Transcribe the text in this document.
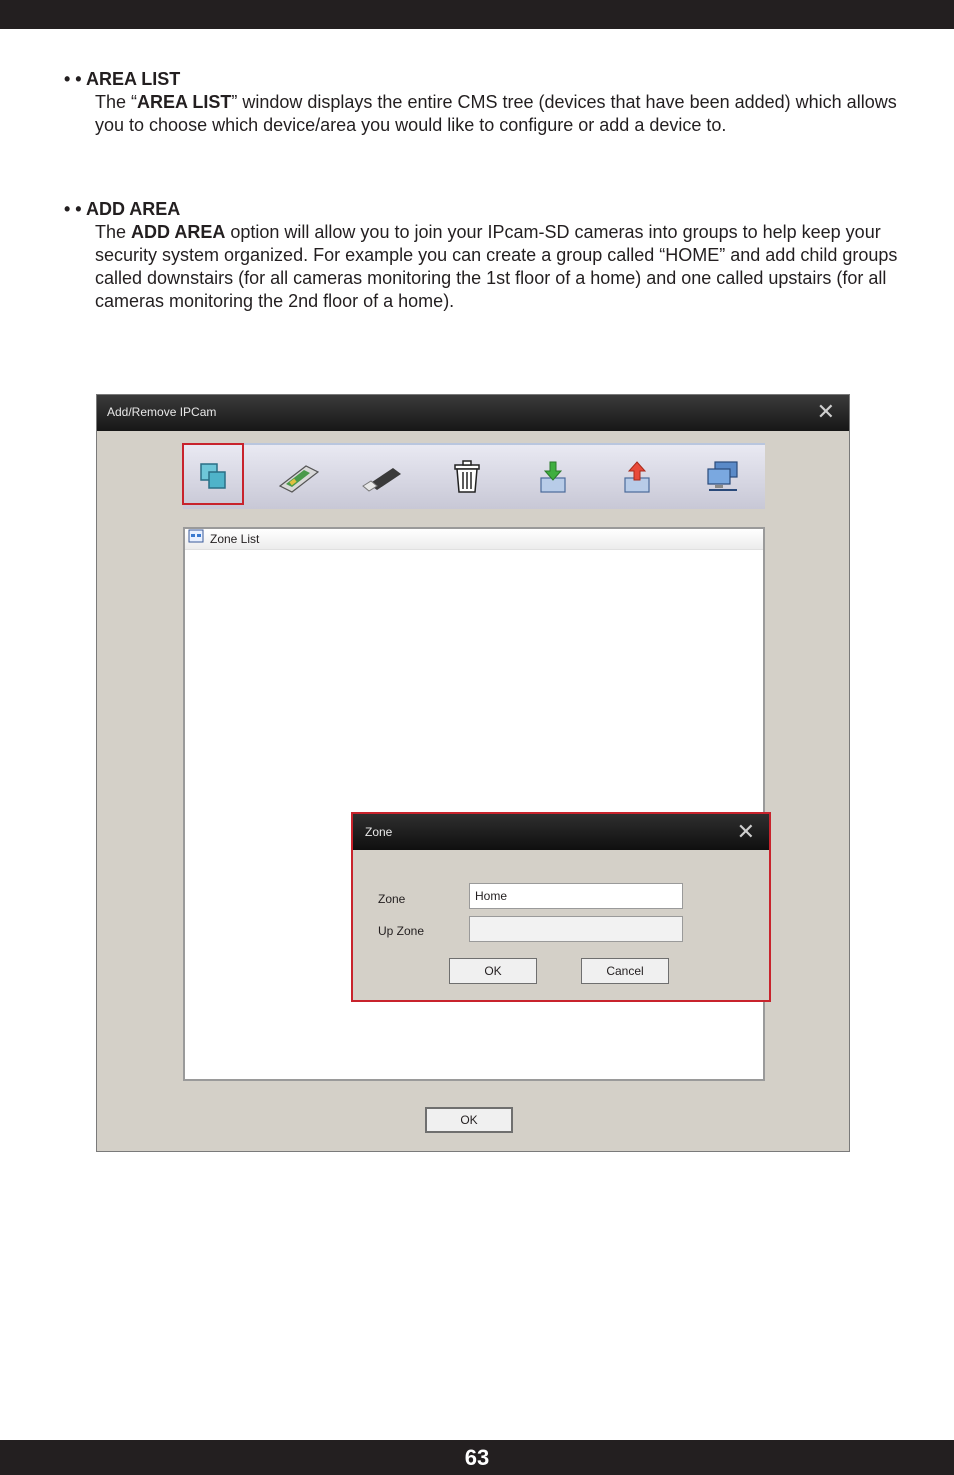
• • AREA LIST

The “AREA LIST” window displays the entire CMS tree (devices that have been added) which allows you to choose which device/area you would like to configure or add a device to.

• • ADD AREA

The ADD AREA option will allow you to join your IPcam-SD cameras into groups to help keep your security system organized. For example you can create a group called “HOME” and add child groups called downstairs (for all cameras monitoring the 1st floor of a home) and one called upstairs (for all cameras monitoring the 2nd floor of a home).

Add/Remove IPCam	✕
Zone List
Zone	✕
Zone	Home
Up Zone
OK	Cancel
OK
63
